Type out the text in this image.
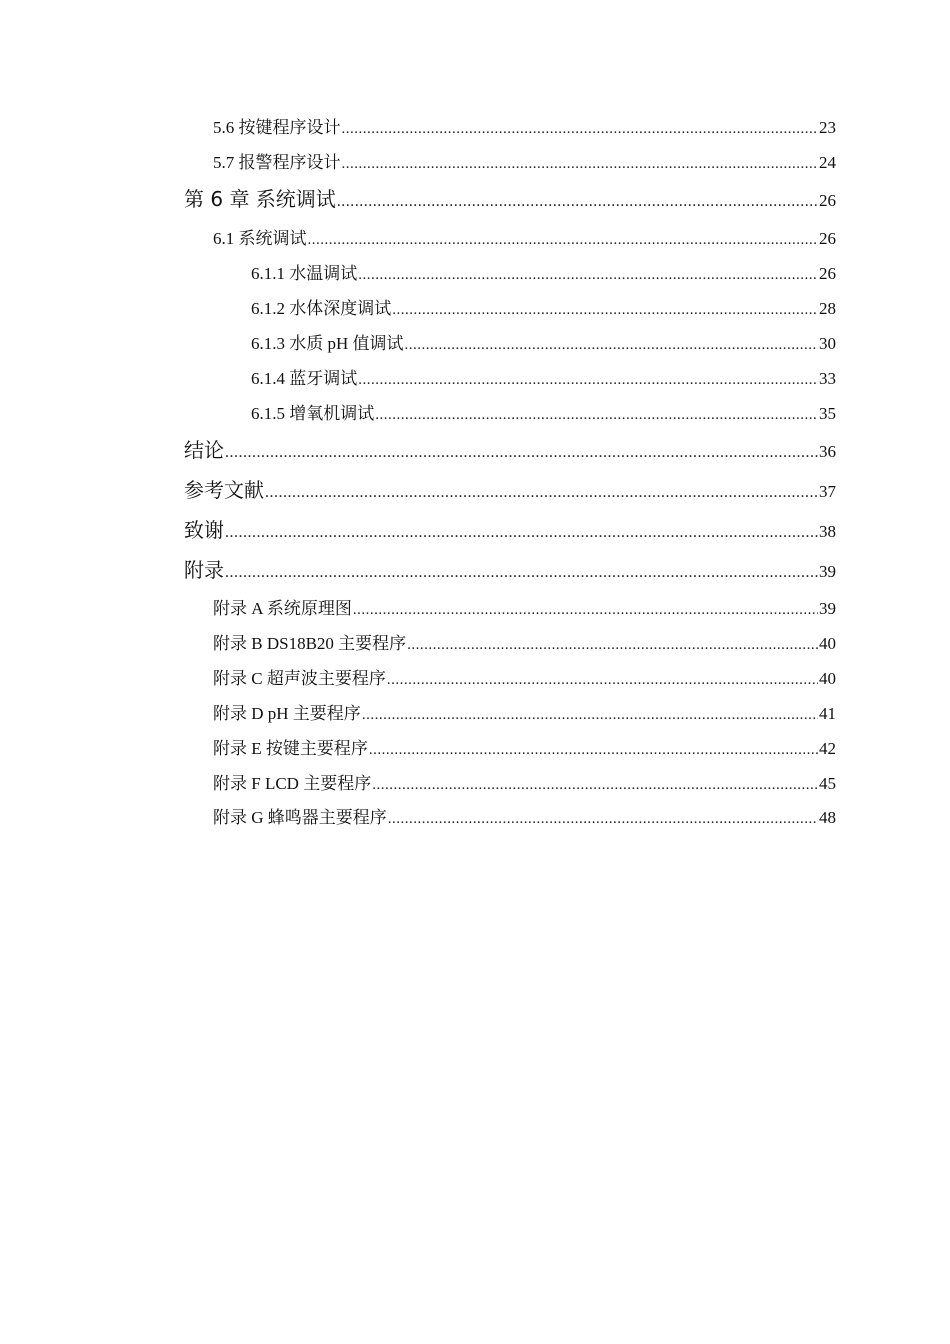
5.6 按键程序设计 .....	23
5.7 报警程序设计 .....	24
第 6 章 系统调试 .....	26
6.1 系统调试 .....	26
6.1.1 水温调试 .....	26
6.1.2 水体深度调试 .....	28
6.1.3 水质 pH 值调试 .....	30
6.1.4 蓝牙调试 .....	33
6.1.5 增氧机调试 .....	35
结论 .....	36
参考文献 .....	37
致谢 .....	38
附录 .....	39
附录 A 系统原理图 .....	39
附录 B DS18B20 主要程序 .....	40
附录 C 超声波主要程序 .....	40
附录 D pH 主要程序 .....	41
附录 E 按键主要程序 .....	42
附录 F LCD 主要程序 .....	45
附录 G 蜂鸣器主要程序 .....	48
